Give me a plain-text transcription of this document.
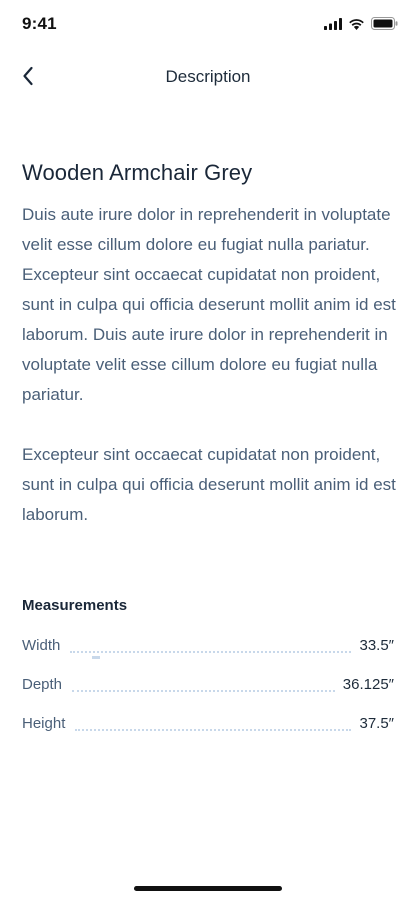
9:41
Description
Wooden Armchair Grey

Duis aute irure dolor in reprehenderit in voluptate velit esse cillum dolore eu fugiat nulla pariatur. Excepteur sint occaecat cupidatat non proident, sunt in culpa qui officia deserunt mollit anim id est laborum. Duis aute irure dolor in reprehenderit in voluptate velit esse cillum dolore eu fugiat nulla pariatur.

Excepteur sint occaecat cupidatat non proident, sunt in culpa qui officia deserunt mollit anim id est laborum.

Measurements
Width	33.5″
Depth	36.125″
Height	37.5″
